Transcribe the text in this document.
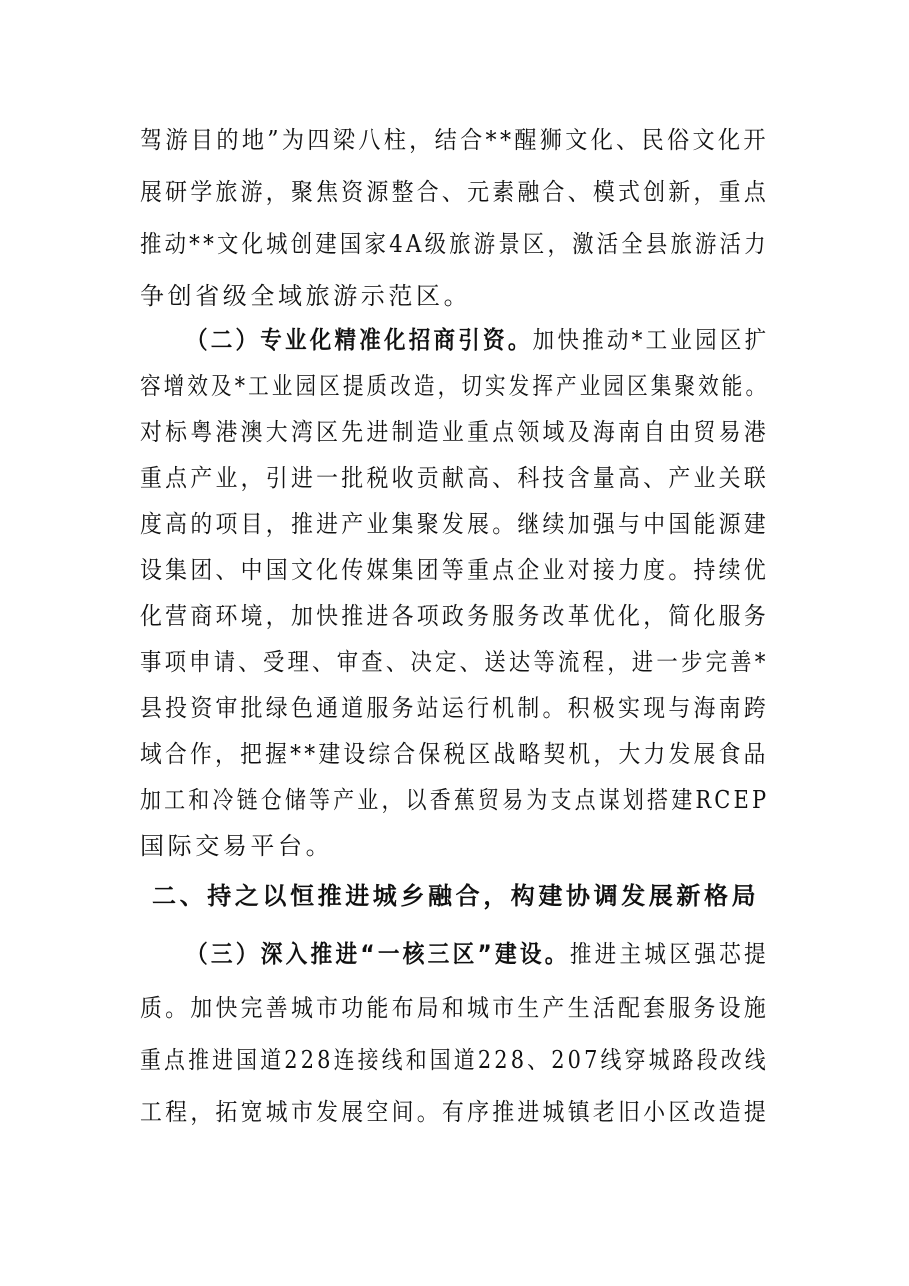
驾游目的地”为四梁八柱，结合**醒狮文化、民俗文化开
展研学旅游，聚焦资源整合、元素融合、模式创新，重点
推动**文化城创建国家4A级旅游景区，激活全县旅游活力
争创省级全域旅游示范区。
（二）专业化精准化招商引资。加快推动*工业园区扩
容增效及*工业园区提质改造，切实发挥产业园区集聚效能。
对标粤港澳大湾区先进制造业重点领域及海南自由贸易港
重点产业，引进一批税收贡献高、科技含量高、产业关联
度高的项目，推进产业集聚发展。继续加强与中国能源建
设集团、中国文化传媒集团等重点企业对接力度。持续优
化营商环境，加快推进各项政务服务改革优化，简化服务
事项申请、受理、审查、决定、送达等流程，进一步完善*
县投资审批绿色通道服务站运行机制。积极实现与海南跨
域合作，把握**建设综合保税区战略契机，大力发展食品
加工和冷链仓储等产业，以香蕉贸易为支点谋划搭建RCEP
国际交易平台。
二、持之以恒推进城乡融合，构建协调发展新格局
（三）深入推进“一核三区”建设。推进主城区强芯提
质。加快完善城市功能布局和城市生产生活配套服务设施
重点推进国道228连接线和国道228、207线穿城路段改线
工程，拓宽城市发展空间。有序推进城镇老旧小区改造提
